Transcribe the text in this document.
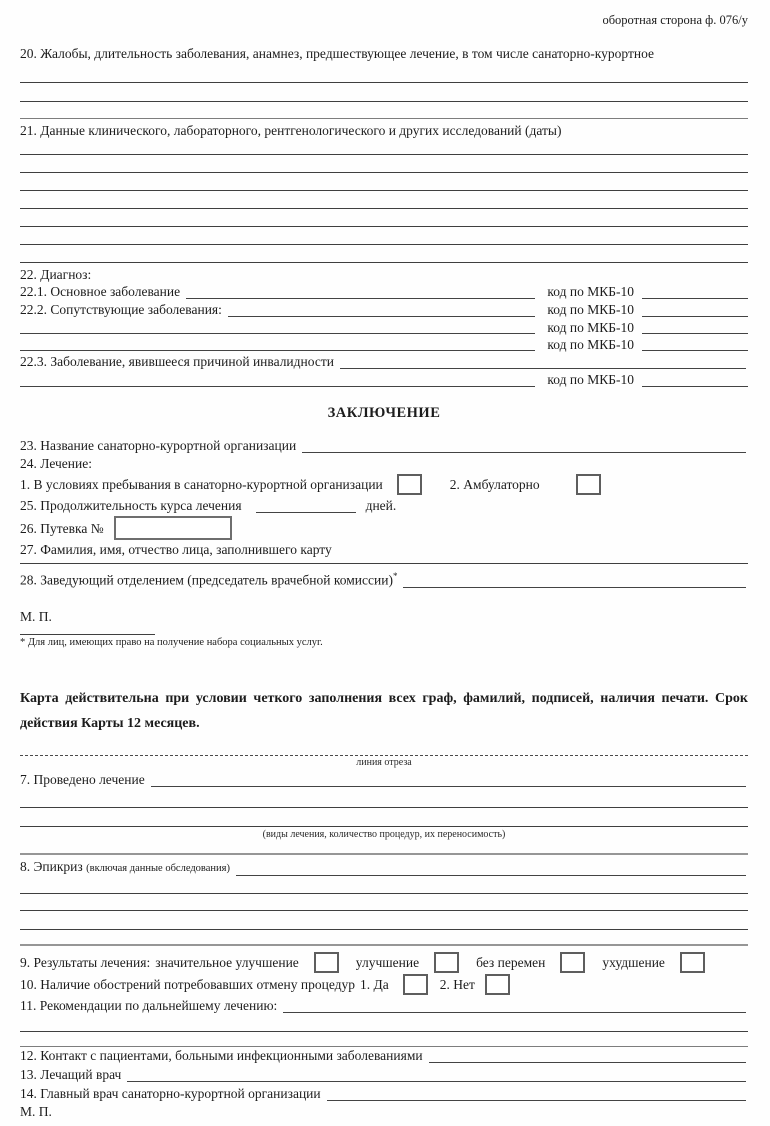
оборотная сторона ф. 076/у
20. Жалобы, длительность заболевания, анамнез, предшествующее лечение, в том числе санаторно-курортное
21. Данные клинического, лабораторного, рентгенологического и других исследований (даты)
22. Диагноз:
22.1. Основное заболевание	код по МКБ-10
22.2. Сопутствующие заболевания:	код по МКБ-10
код по МКБ-10
код по МКБ-10
22.3. Заболевание, явившееся причиной инвалидности
код по МКБ-10
ЗАКЛЮЧЕНИЕ
23. Название санаторно-курортной организации
24. Лечение:
1. В условиях пребывания в санаторно-курортной организации	2. Амбулаторно
25. Продолжительность курса лечения	дней.
26. Путевка №
27. Фамилия, имя, отчество лица, заполнившего карту
28. Заведующий отделением (председатель врачебной комиссии)*
М. П.
* Для лиц, имеющих право на получение набора социальных услуг.
Карта действительна при условии четкого заполнения всех граф, фамилий, подписей, наличия печати. Срок действия Карты 12 месяцев.
линия отреза
7. Проведено лечение
(виды лечения, количество процедур, их переносимость)
8. Эпикриз (включая данные обследования)
9. Результаты лечения: значительное улучшение	улучшение	без перемен	ухудшение
10. Наличие обострений потребовавших отмену процедур 1. Да	2. Нет
11. Рекомендации по дальнейшему лечению:
12. Контакт с пациентами, больными инфекционными заболеваниями
13. Лечащий врач
14. Главный врач санаторно-курортной организации
М. П.
